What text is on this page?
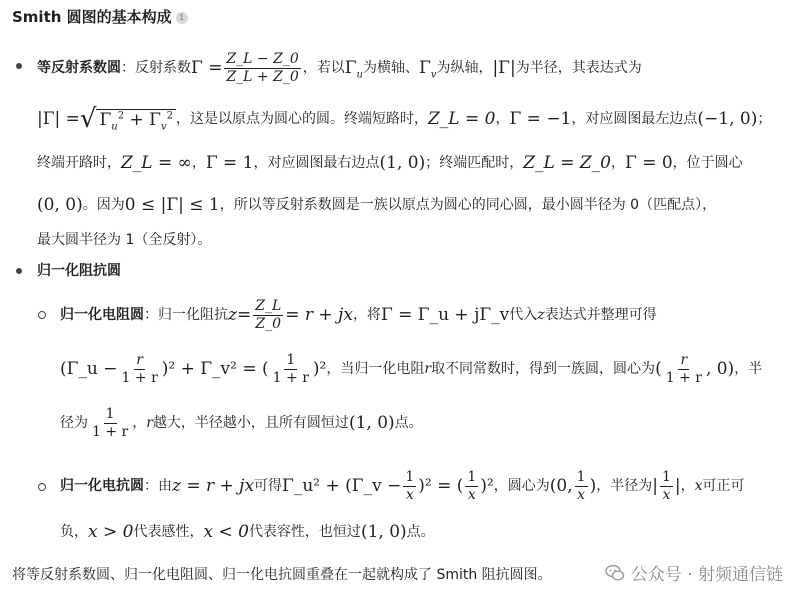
Smith 圆图的基本构成 1
等反射系数圆 ：反射系数 $\Gamma = \frac{Z\_L - Z\_0}{Z\_L + Z\_0}$ ，若以 $\Gamma_u$ 为横轴、 $\Gamma_v$ 为纵轴， |Γ| 为半径，其表达式为
|Γ| = √ $\Gamma_u^2 + \Gamma_v^2$ ，这是以原点为圆心的圆。终端短路时， Z_L = 0 ， Γ = −1 ，对应圆图最左边点 (−1, 0) ；
终端开路时， Z_L = ∞ ， Γ = 1 ，对应圆图最右边点 (1, 0) ；终端匹配时， Z_L = Z_0 ， Γ = 0 ，位于圆心
(0, 0) 。因为 0 ≤ |Γ| ≤ 1 ，所以等反射系数圆是一族以原点为圆心的同心圆，最小圆半径为 0（匹配点），
最大圆半径为 1（全反射）。
归一化阻抗圆
归一化电阻圆 ：归一化阻抗 $z = \frac{Z\_L}{Z\_0} = r$ + jx ，将 Γ = Γ_u + jΓ_v 代入 z 表达式并整理可得
(Γ_u − $\frac{r}{1 + r} )^2$ + Γ_v² = ( $\frac{1}{1 + r} )^2$ ，当归一化电阻 r 取不同常数时，得到一族圆，圆心为 ( $\frac{r}{1 + r}$ , 0) ，半
径为 $\frac{1}{1 + r}$ ， r 越大，半径越小，且所有圆恒过 (1, 0) 点。
归一化电抗圆 ：由 z = r + jx 可得 Γ_u² + (Γ_v − $\frac{1}{x} )^2$ = ( $\frac{1}{x} )^2$ ，圆心为 (0, $\frac{1}{x}$ ) ，半径为 | $\frac{1}{x}$ | ， x 可正可
负， x > 0 代表感性， x < 0 代表容性，也恒过 (1, 0) 点。
将等反射系数圆、归一化电阻圆、归一化电抗圆重叠在一起就构成了 Smith 阻抗圆图。	公众号 · 射频通信链
